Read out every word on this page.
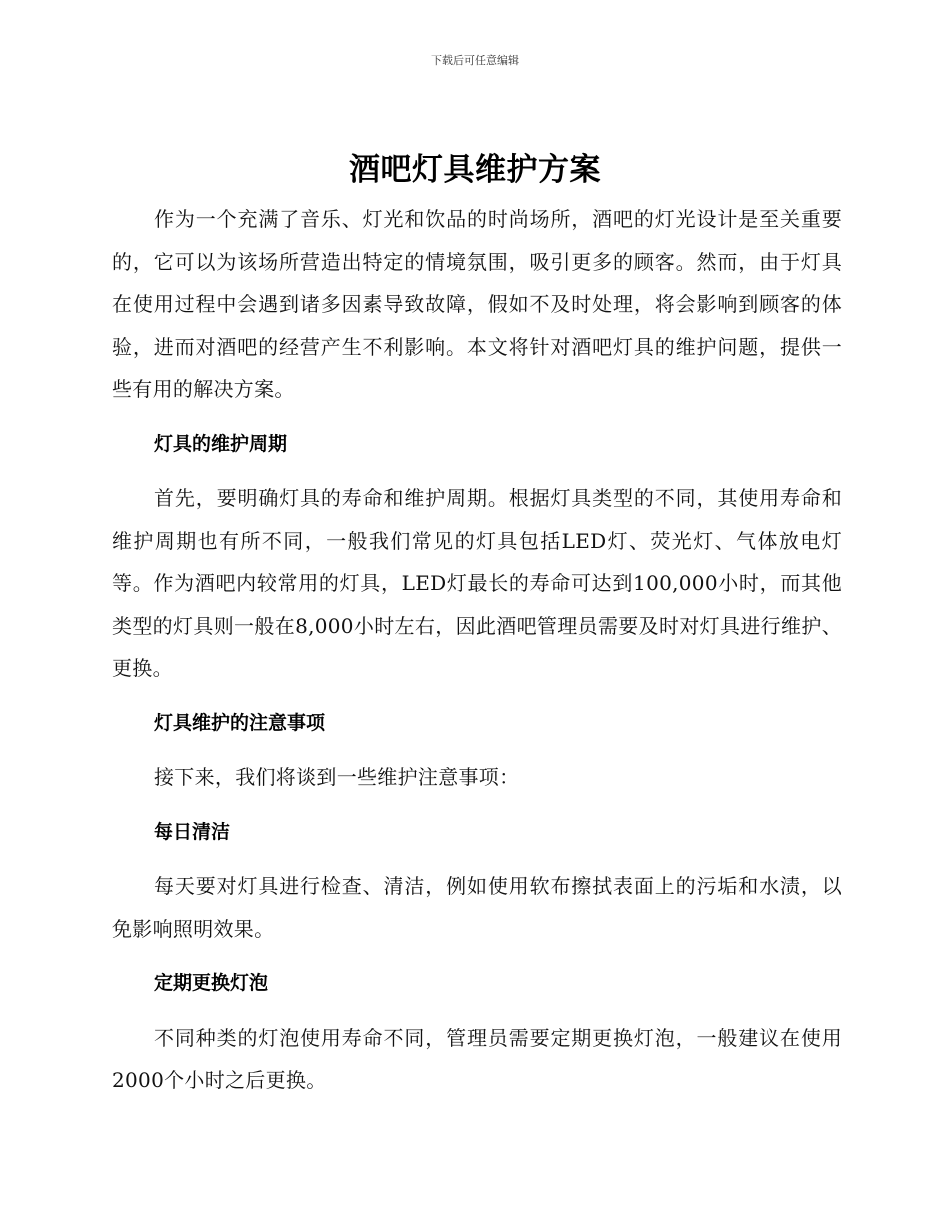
下载后可任意编辑
酒吧灯具维护方案

作为一个充满了音乐、灯光和饮品的时尚场所，酒吧的灯光设计是至关重要的，它可以为该场所营造出特定的情境氛围，吸引更多的顾客。然而，由于灯具在使用过程中会遇到诸多因素导致故障，假如不及时处理，将会影响到顾客的体验，进而对酒吧的经营产生不利影响。本文将针对酒吧灯具的维护问题，提供一些有用的解决方案。

灯具的维护周期

首先，要明确灯具的寿命和维护周期。根据灯具类型的不同，其使用寿命和维护周期也有所不同，一般我们常见的灯具包括LED灯、荧光灯、气体放电灯等。作为酒吧内较常用的灯具，LED灯最长的寿命可达到100,000小时，而其他类型的灯具则一般在8,000小时左右，因此酒吧管理员需要及时对灯具进行维护、更换。

灯具维护的注意事项

接下来，我们将谈到一些维护注意事项：

每日清洁

每天要对灯具进行检查、清洁，例如使用软布擦拭表面上的污垢和水渍，以免影响照明效果。

定期更换灯泡

不同种类的灯泡使用寿命不同，管理员需要定期更换灯泡，一般建议在使用2000个小时之后更换。
